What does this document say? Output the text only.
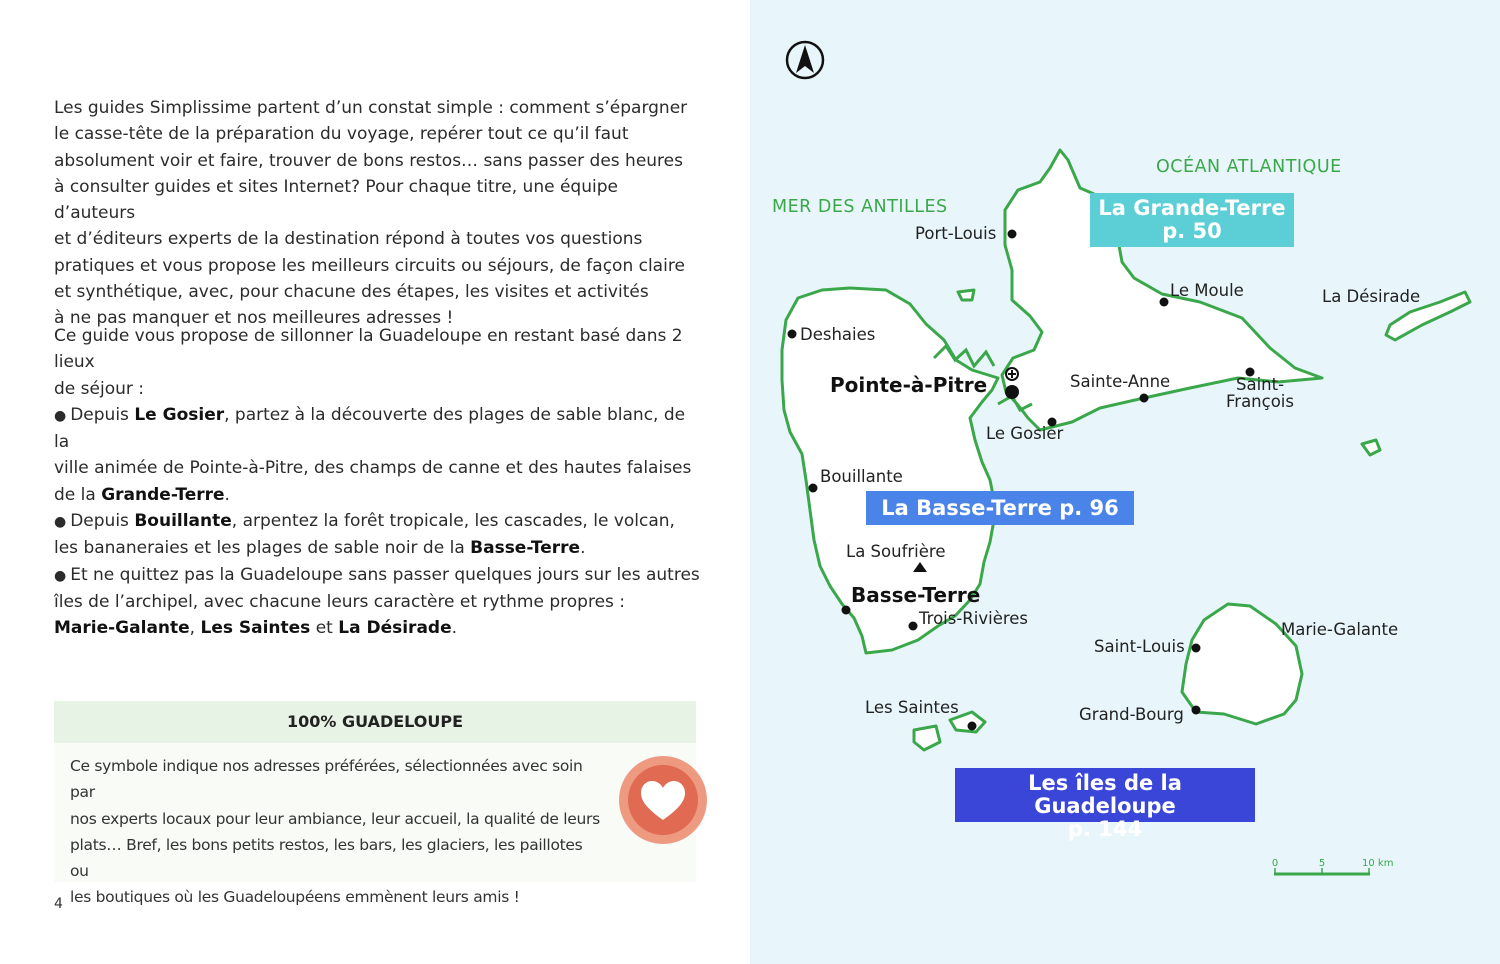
Les guides Simplissime partent d’un constat simple : comment s’épargner
le casse-tête de la préparation du voyage, repérer tout ce qu’il faut
absolument voir et faire, trouver de bons restos… sans passer des heures
à consulter guides et sites Internet? Pour chaque titre, une équipe d’auteurs
et d’éditeurs experts de la destination répond à toutes vos questions
pratiques et vous propose les meilleurs circuits ou séjours, de façon claire
et synthétique, avec, pour chacune des étapes, les visites et activités
à ne pas manquer et nos meilleures adresses !

Ce guide vous propose de sillonner la Guadeloupe en restant basé dans 2 lieux
de séjour :
● Depuis Le Gosier, partez à la découverte des plages de sable blanc, de la
ville animée de Pointe-à-Pitre, des champs de canne et des hautes falaises
de la Grande-Terre.
● Depuis Bouillante, arpentez la forêt tropicale, les cascades, le volcan,
les bananeraies et les plages de sable noir de la Basse-Terre.
● Et ne quittez pas la Guadeloupe sans passer quelques jours sur les autres
îles de l’archipel, avec chacune leurs caractère et rythme propres :
Marie-Galante, Les Saintes et La Désirade.

100% GUADELOUPE
Ce symbole indique nos adresses préférées, sélectionnées avec soin par
nos experts locaux pour leur ambiance, leur accueil, la qualité de leurs
plats… Bref, les bons petits restos, les bars, les glaciers, les paillotes ou
les boutiques où les Guadeloupéens emmènent leurs amis !
4
OCÉAN ATLANTIQUE
MER DES ANTILLES
Port-Louis
Le Moule	La Désirade
Deshaies
Pointe-à-Pitre	Sainte-Anne	Saint-
François
Le Gosier
Bouillante
La Soufrière
Basse-Terre
Trois-Rivières
Marie-Galante
Saint-Louis
Les Saintes	Grand-Bourg
0	5	10 km
La Grande-Terre
p. 50
La Basse-Terre p. 96
Les îles de la Guadeloupe
p. 144
